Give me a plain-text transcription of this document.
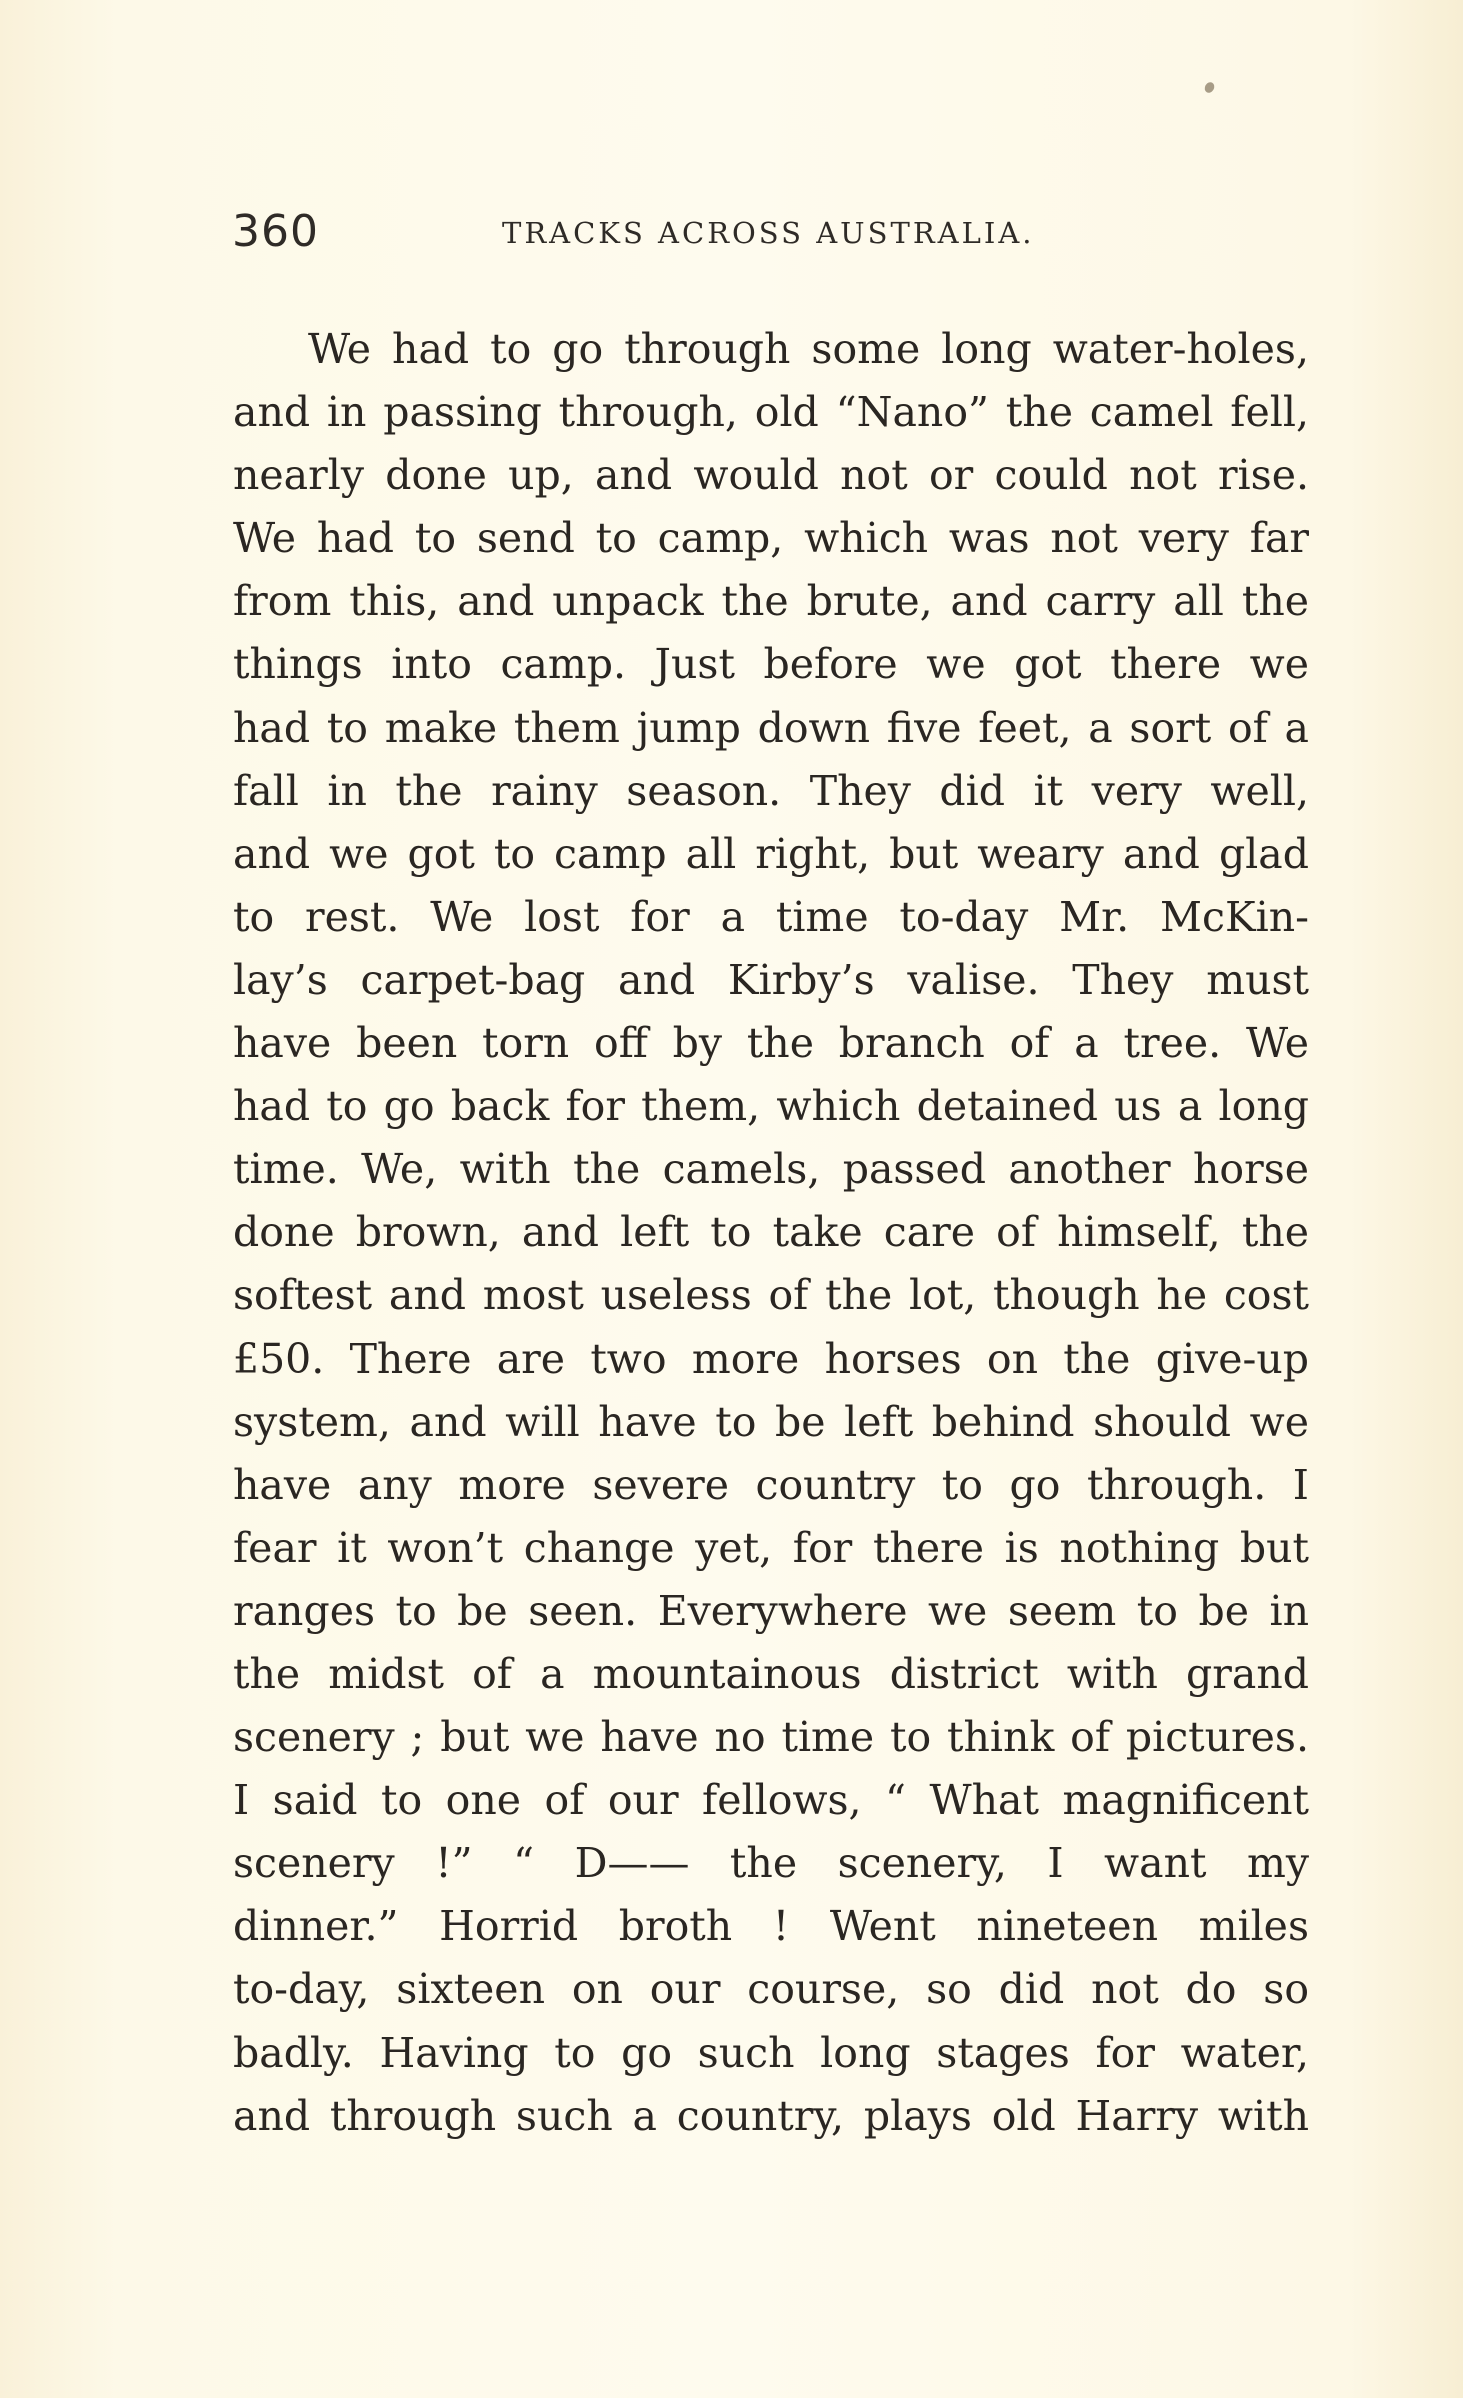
360	TRACKS ACROSS AUSTRALIA.
We had to go through some long water-holes,
and in passing through, old “Nano” the camel fell,
nearly done up, and would not or could not rise.
We had to send to camp, which was not very far
from this, and unpack the brute, and carry all the
things into camp. Just before we got there we
had to make them jump down five feet, a sort of a
fall in the rainy season. They did it very well,
and we got to camp all right, but weary and glad
to rest. We lost for a time to-day Mr. McKin-
lay’s carpet-bag and Kirby’s valise. They must
have been torn off by the branch of a tree. We
had to go back for them, which detained us a long
time. We, with the camels, passed another horse
done brown, and left to take care of himself, the
softest and most useless of the lot, though he cost
£50. There are two more horses on the give-up
system, and will have to be left behind should we
have any more severe country to go through. I
fear it won’t change yet, for there is nothing but
ranges to be seen. Everywhere we seem to be in
the midst of a mountainous district with grand
scenery ; but we have no time to think of pictures.
I said to one of our fellows, “ What magnificent
scenery !” “ D—— the scenery, I want my
dinner.” Horrid broth ! Went nineteen miles
to-day, sixteen on our course, so did not do so
badly. Having to go such long stages for water,
and through such a country, plays old Harry with
